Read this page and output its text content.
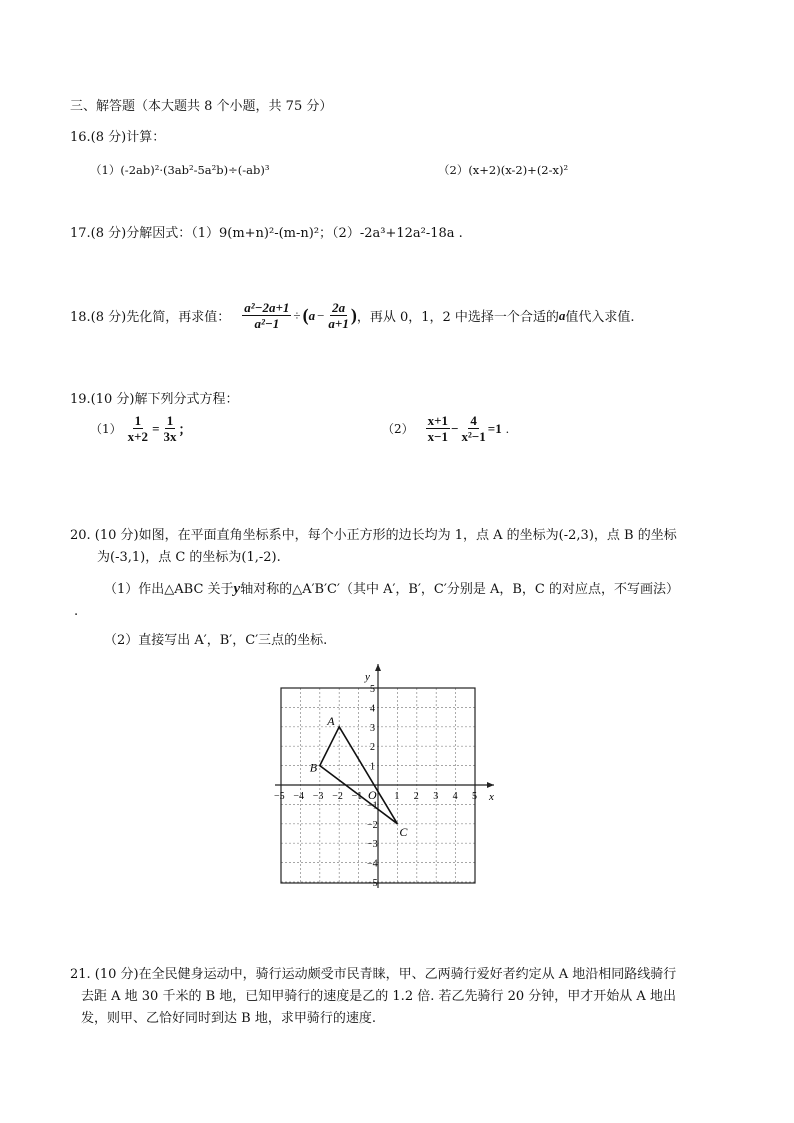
三、解答题（本大题共 8 个小题，共 75 分）
16.(8 分)计算：
（1）(-2ab)²·(3ab²-5a²b)÷(-ab)³	（2）(x+2)(x-2)+(2-x)²
17.(8 分)分解因式：（1）9(m+n)²-(m-n)²；（2）-2a³+12a²-18a .
18.(8 分)先化简，再求值： $\frac{\text{a²−2a+1}}{\text{a²−1}}$ ÷ ( $a - \frac{2a}{a+1}$ ) ，再从 0，1，2 中选择一个合适的 a 值代入求值.
19.(10 分)解下列分式方程：
$(1) \frac{1}{x+2} = \frac{1}{3x}$ ；	$(2) \frac{x+1}{x-1} - \frac{4}{\text{x²−1}} =1$ .
20. (10 分)如图，在平面直角坐标系中，每个小正方形的边长均为 1，点 A 的坐标为(-2,3)，点 B 的坐标
为(-3,1)，点 C 的坐标为(1,-2).
（1）作出△ABC 关于y轴对称的△A′B′C′（其中 A′，B′，C′分别是 A，B，C 的对应点，不写画法）
.
（2）直接写出 A′，B′，C′三点的坐标.
−5 −4 −3 −2 −1	1 2 3 4 5
5
4
3
2
1
−1
−2
−3
−4
−5
A
B
C
x
y
O
21. (10 分)在全民健身运动中，骑行运动颇受市民青睐，甲、乙两骑行爱好者约定从 A 地沿相同路线骑行
去距 A 地 30 千米的 B 地，已知甲骑行的速度是乙的 1.2 倍. 若乙先骑行 20 分钟，甲才开始从 A 地出
发，则甲、乙恰好同时到达 B 地，求甲骑行的速度.
